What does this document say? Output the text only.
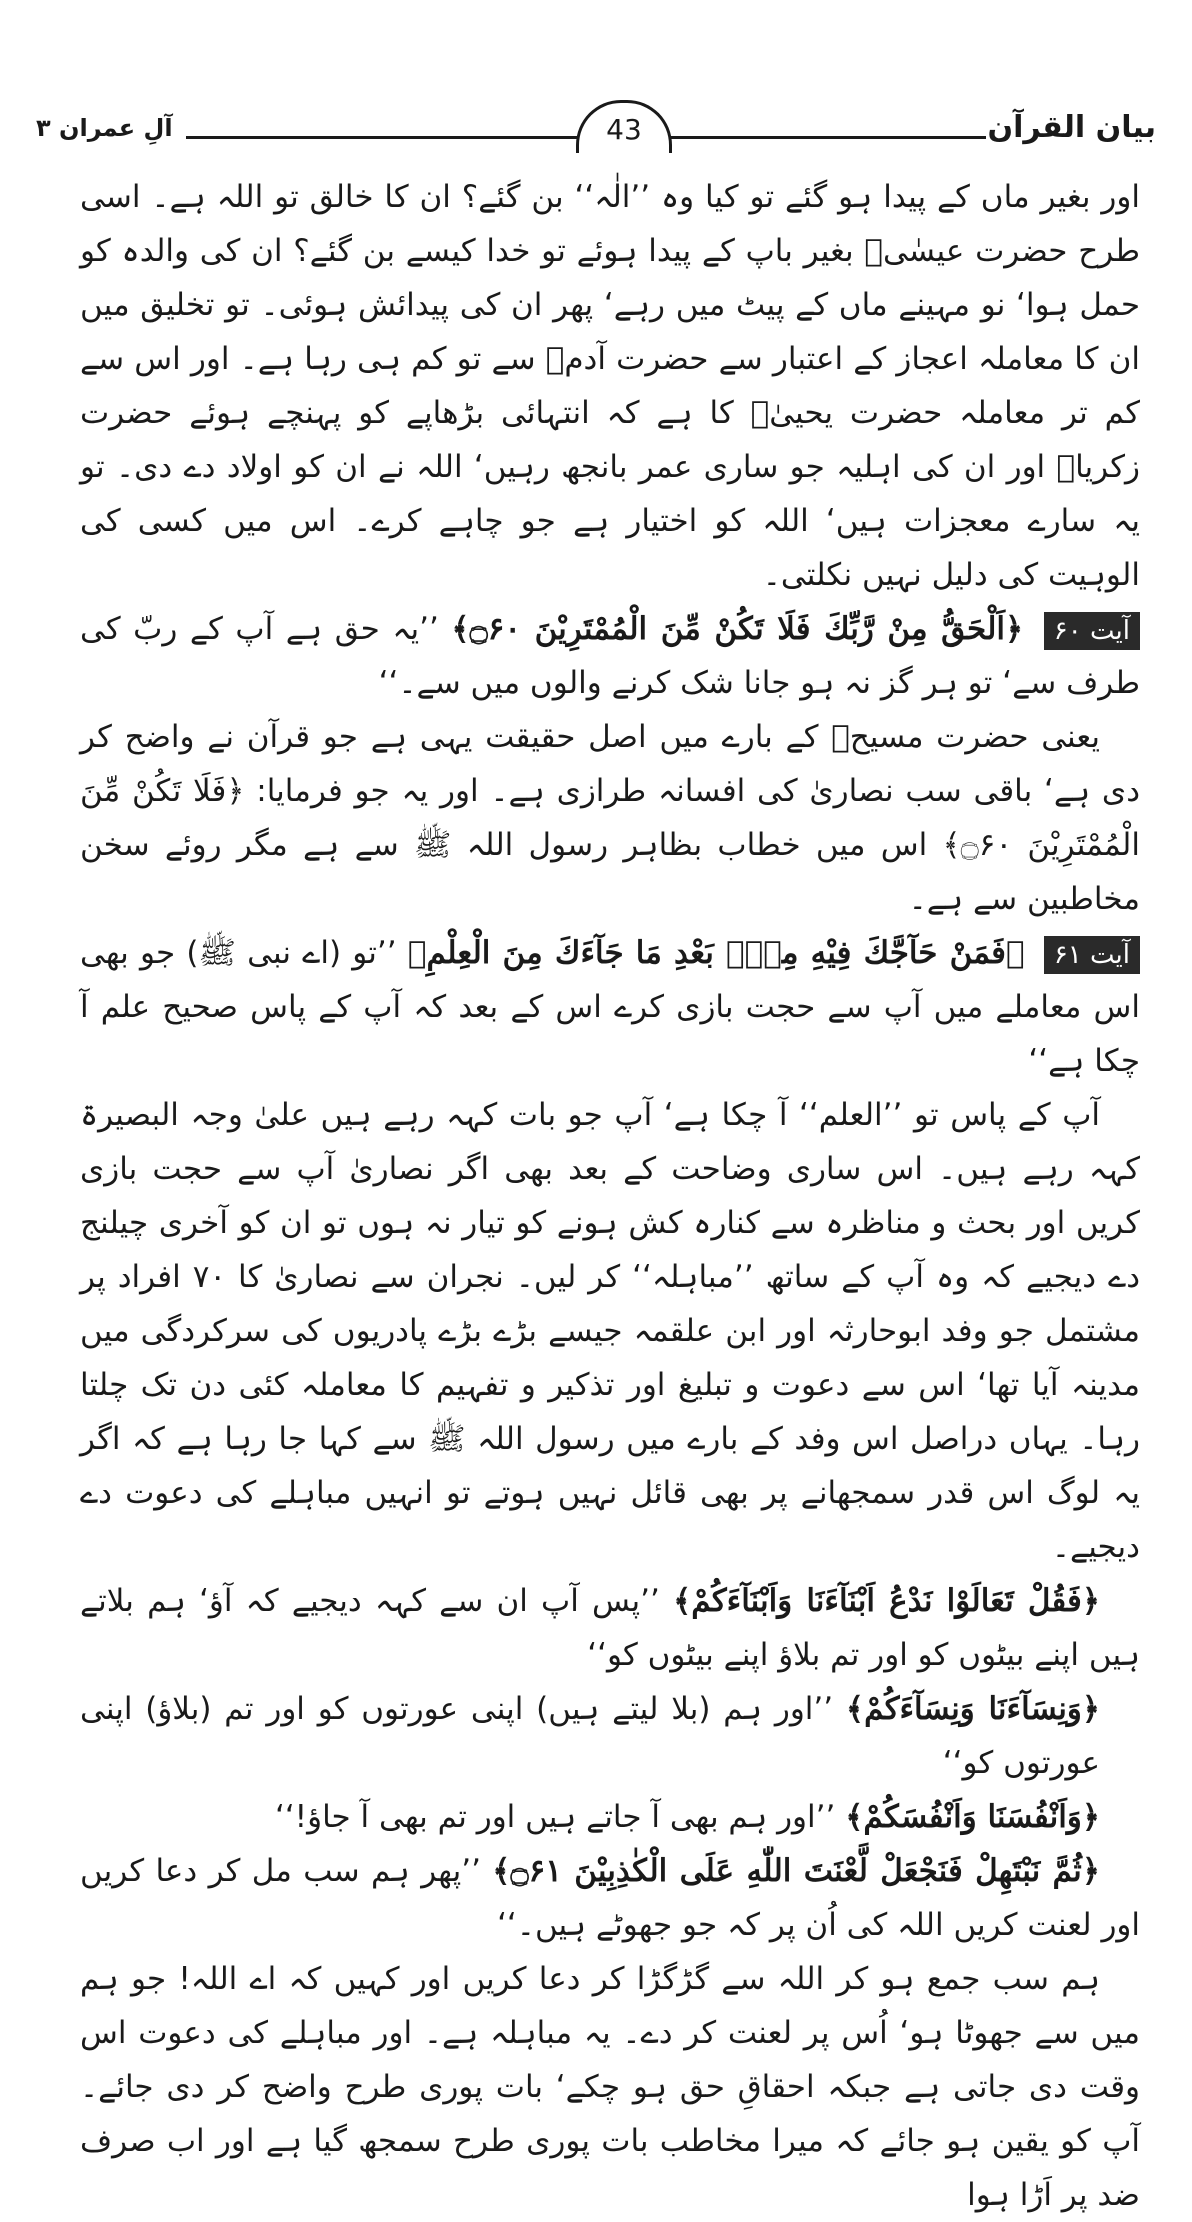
بیان القرآن
43
آلِ عمران ۳

اور بغیر ماں کے پیدا ہو گئے تو کیا وہ ’’الٰہ‘‘ بن گئے؟ ان کا خالق تو اللہ ہے۔ اسی طرح حضرت عیسٰیؑ بغیر باپ کے پیدا ہوئے تو خدا کیسے بن گئے؟ ان کی والدہ کو حمل ہوا‘ نو مہینے ماں کے پیٹ میں رہے‘ پھر ان کی پیدائش ہوئی۔ تو تخلیق میں ان کا معاملہ اعجاز کے اعتبار سے حضرت آدمؑ سے تو کم ہی رہا ہے۔ اور اس سے کم تر معاملہ حضرت یحییٰؑ کا ہے کہ انتہائی بڑھاپے کو پہنچے ہوئے حضرت زکریاؑ اور ان کی اہلیہ جو ساری عمر بانجھ رہیں‘ اللہ نے ان کو اولاد دے دی۔ تو یہ سارے معجزات ہیں‘ اللہ کو اختیار ہے جو چاہے کرے۔ اس میں کسی کی الوہیت کی دلیل نہیں نکلتی۔

آیت ۶۰ ﴿اَلْحَقُّ مِنْ رَّبِّكَ فَلَا تَكُنْ مِّنَ الْمُمْتَرِيْنَ ۝۶۰﴾ ’’یہ حق ہے آپ کے ربّ کی طرف سے‘ تو ہر گز نہ ہو جانا شک کرنے والوں میں سے۔‘‘

یعنی حضرت مسیحؑ کے بارے میں اصل حقیقت یہی ہے جو قرآن نے واضح کر دی ہے‘ باقی سب نصاریٰ کی افسانہ طرازی ہے۔ اور یہ جو فرمایا: ﴿فَلَا تَكُنْ مِّنَ الْمُمْتَرِيْنَ ۝۶۰﴾ اس میں خطاب بظاہر رسول اللہ ﷺ سے ہے مگر روئے سخن مخاطبین سے ہے۔

آیت ۶۱ ﴿فَمَنْ حَآجَّكَ فِيْهِ مِنْۢ بَعْدِ مَا جَآءَكَ مِنَ الْعِلْمِ﴾ ’’تو (اے نبی ﷺ) جو بھی اس معاملے میں آپ سے حجت بازی کرے اس کے بعد کہ آپ کے پاس صحیح علم آ چکا ہے‘‘

آپ کے پاس تو ’’العلم‘‘ آ چکا ہے‘ آپ جو بات کہہ رہے ہیں علیٰ وجہ البصیرۃ کہہ رہے ہیں۔ اس ساری وضاحت کے بعد بھی اگر نصاریٰ آپ سے حجت بازی کریں اور بحث و مناظرہ سے کنارہ کش ہونے کو تیار نہ ہوں تو ان کو آخری چیلنج دے دیجیے کہ وہ آپ کے ساتھ ’’مباہلہ‘‘ کر لیں۔ نجران سے نصاریٰ کا ۷۰ افراد پر مشتمل جو وفد ابوحارثہ اور ابن علقمہ جیسے بڑے بڑے پادریوں کی سرکردگی میں مدینہ آیا تھا‘ اس سے دعوت و تبلیغ اور تذکیر و تفہیم کا معاملہ کئی دن تک چلتا رہا۔ یہاں دراصل اس وفد کے بارے میں رسول اللہ ﷺ سے کہا جا رہا ہے کہ اگر یہ لوگ اس قدر سمجھانے پر بھی قائل نہیں ہوتے تو انہیں مباہلے کی دعوت دے دیجیے۔

﴿فَقُلْ تَعَالَوْا نَدْعُ اَبْنَآءَنَا وَاَبْنَآءَكُمْ﴾ ’’پس آپ ان سے کہہ دیجیے کہ آؤ‘ ہم بلاتے ہیں اپنے بیٹوں کو اور تم بلاؤ اپنے بیٹوں کو‘‘

﴿وَنِسَآءَنَا وَنِسَآءَكُمْ﴾ ’’اور ہم (بلا لیتے ہیں) اپنی عورتوں کو اور تم (بلاؤ) اپنی عورتوں کو‘‘

﴿وَاَنْفُسَنَا وَاَنْفُسَكُمْ﴾ ’’اور ہم بھی آ جاتے ہیں اور تم بھی آ جاؤ!‘‘

﴿ثُمَّ نَبْتَهِلْ فَنَجْعَلْ لَّعْنَتَ اللّٰهِ عَلَى الْكٰذِبِيْنَ ۝۶۱﴾ ’’پھر ہم سب مل کر دعا کریں اور لعنت کریں اللہ کی اُن پر کہ جو جھوٹے ہیں۔‘‘

ہم سب جمع ہو کر اللہ سے گڑگڑا کر دعا کریں اور کہیں کہ اے اللہ! جو ہم میں سے جھوٹا ہو‘ اُس پر لعنت کر دے۔ یہ مباہلہ ہے۔ اور مباہلے کی دعوت اس وقت دی جاتی ہے جبکہ احقاقِ حق ہو چکے‘ بات پوری طرح واضح کر دی جائے۔ آپ کو یقین ہو جائے کہ میرا مخاطب بات پوری طرح سمجھ گیا ہے اور اب صرف ضد پر اَڑا ہوا
